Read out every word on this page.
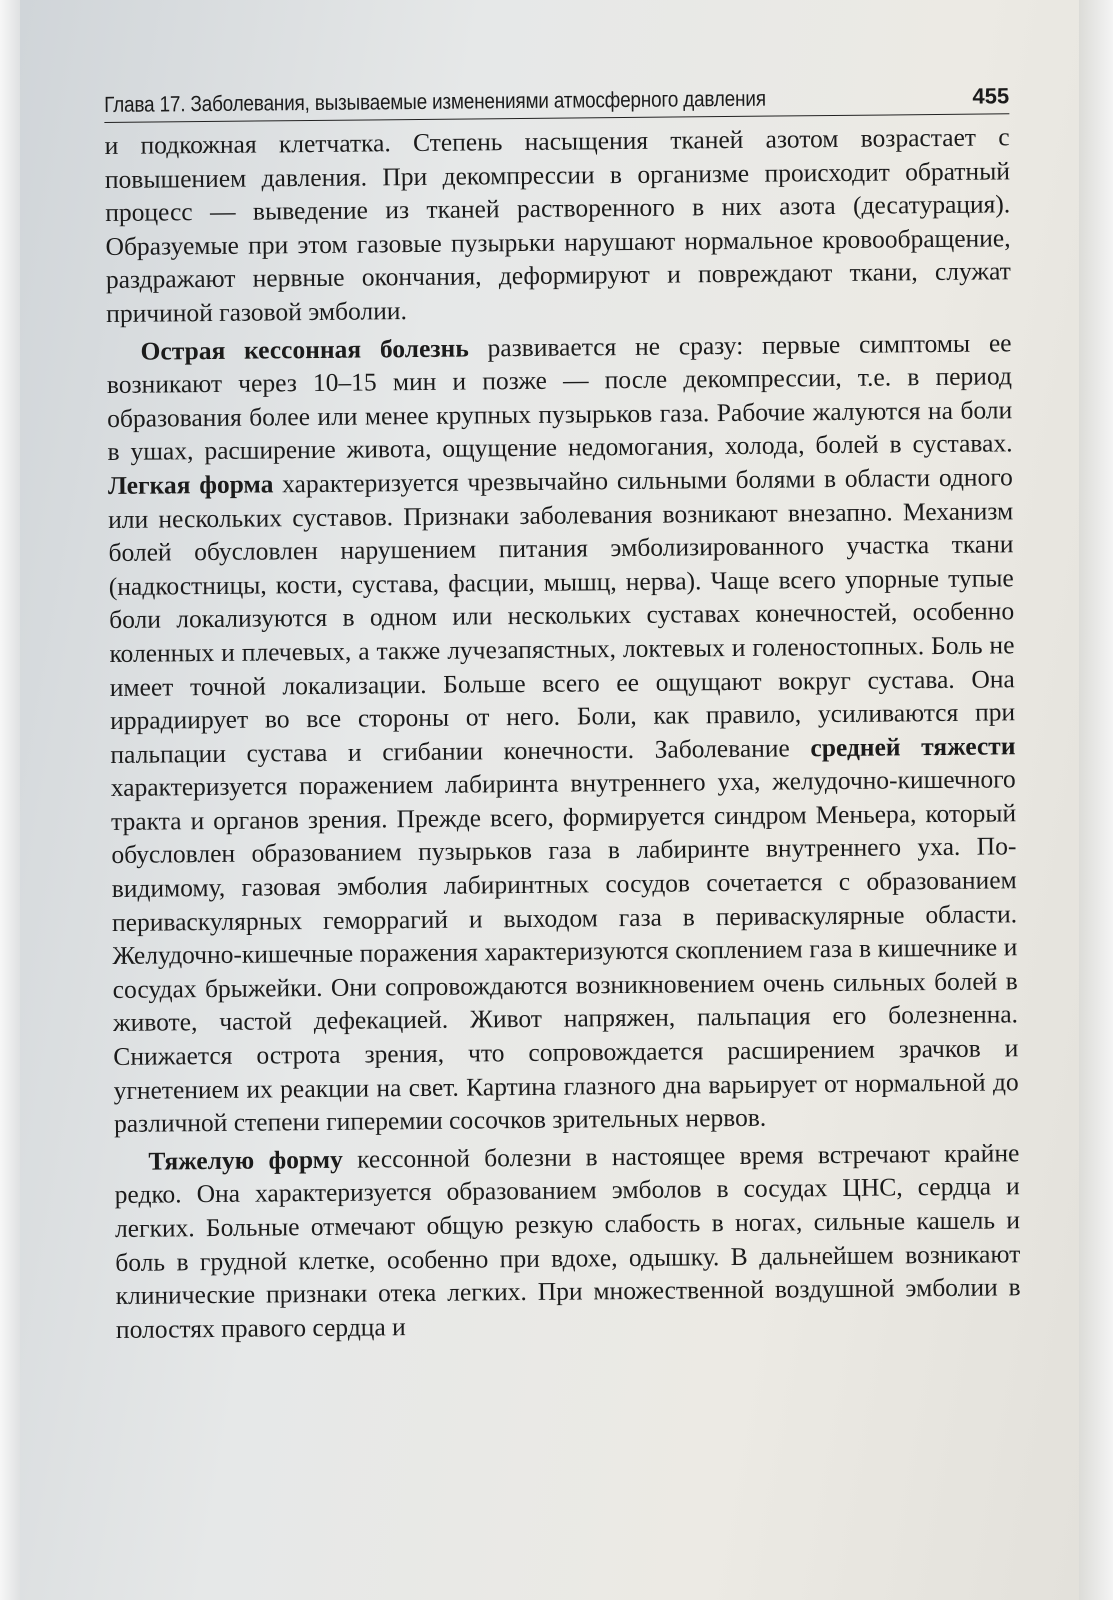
Глава 17. Заболевания, вызываемые изменениями атмосферного давления	455

и подкожная клетчатка. Степень насыщения тканей азотом возрастает с повышением давления. При декомпрессии в организме происходит обратный процесс — выведение из тканей растворенного в них азота (десатурация). Образуемые при этом газовые пузырьки нарушают нормальное кровообращение, раздражают нервные окончания, деформируют и повреждают ткани, служат причиной газовой эмболии.

Острая кессонная болезнь развивается не сразу: первые симптомы ее возникают через 10–15 мин и позже — после декомпрессии, т.е. в период образования более или менее крупных пузырьков газа. Рабочие жалуются на боли в ушах, расширение живота, ощущение недомогания, холода, болей в суставах. Легкая форма характеризуется чрезвычайно сильными болями в области одного или нескольких суставов. Признаки заболевания возникают внезапно. Механизм болей обусловлен нарушением питания эмболизированного участка ткани (надкостницы, кости, сустава, фасции, мышц, нерва). Чаще всего упорные тупые боли локализуются в одном или нескольких суставах конечностей, особенно коленных и плечевых, а также лучезапястных, локтевых и голеностопных. Боль не имеет точной локализации. Больше всего ее ощущают вокруг сустава. Она иррадиирует во все стороны от него. Боли, как правило, усиливаются при пальпации сустава и сгибании конечности. Заболевание средней тяжести характеризуется поражением лабиринта внутреннего уха, желудочно-кишечного тракта и органов зрения. Прежде всего, формируется синдром Меньера, который обусловлен образованием пузырьков газа в лабиринте внутреннего уха. По-видимому, газовая эмболия лабиринтных сосудов сочетается с образованием периваскулярных геморрагий и выходом газа в периваскулярные области. Желудочно-кишечные поражения характеризуются скоплением газа в кишечнике и сосудах брыжейки. Они сопровождаются возникновением очень сильных болей в животе, частой дефекацией. Живот напряжен, пальпация его болезненна. Снижается острота зрения, что сопровождается расширением зрачков и угнетением их реакции на свет. Картина глазного дна варьирует от нормальной до различной степени гиперемии сосочков зрительных нервов.

Тяжелую форму кессонной болезни в настоящее время встречают крайне редко. Она характеризуется образованием эмболов в сосудах ЦНС, сердца и легких. Больные отмечают общую резкую слабость в ногах, сильные кашель и боль в грудной клетке, особенно при вдохе, одышку. В дальнейшем возникают клинические признаки отека легких. При множественной воздушной эмболии в полостях правого сердца и
